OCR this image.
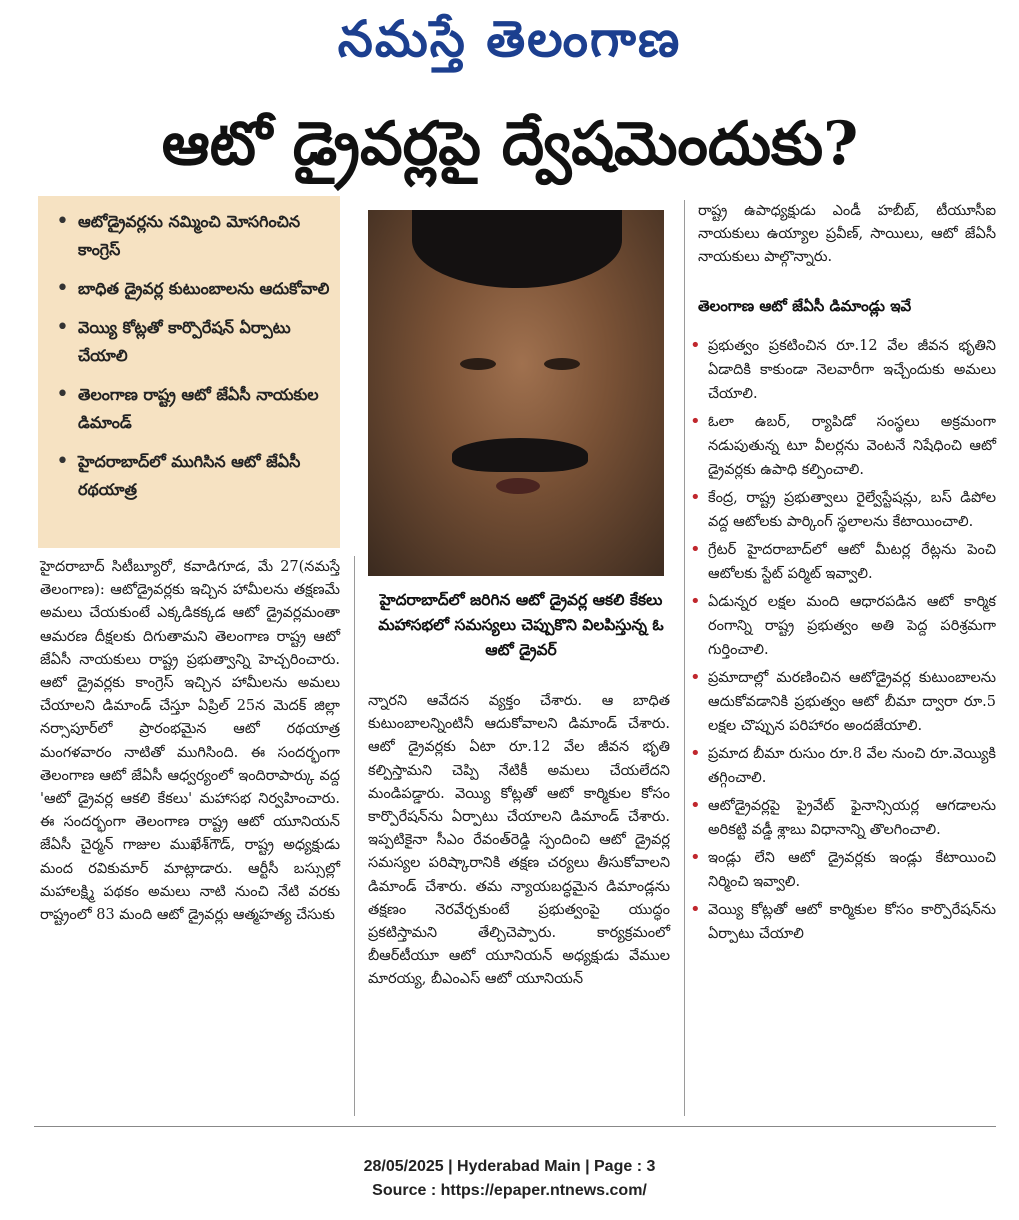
నమస్తే తెలంగాణ
ఆటో డ్రైవర్లపై ద్వేషమెందుకు?
• ఆటోడ్రైవర్లను నమ్మించి మోసగించిన కాంగ్రెస్
• బాధిత డ్రైవర్ల కుటుంబాలను ఆదుకోవాలి
• వెయ్యి కోట్లతో కార్పొరేషన్ ఏర్పాటు చేయాలి
• తెలంగాణ రాష్ట్ర ఆటో జేఏసీ నాయకుల డిమాండ్
• హైదరాబాద్‌లో ముగిసిన ఆటో జేఏసీ రథయాత్ర
హైదరాబాద్ సిటీబ్యూరో, కవాడిగూడ, మే 27(నమస్తే తెలంగాణ): ఆటోడ్రైవర్లకు ఇచ్చిన హామీలను తక్షణమే అమలు చేయకుంటే ఎక్కడికక్కడ ఆటో డ్రైవర్లమంతా ఆమరణ దీక్షలకు దిగుతామని తెలంగాణ రాష్ట్ర ఆటో జేఏసీ నాయకులు రాష్ట్ర ప్రభుత్వాన్ని హెచ్చరించారు. ఆటో డ్రైవర్లకు కాంగ్రెస్ ఇచ్చిన హామీలను అమలు చేయాలని డిమాండ్ చేస్తూ ఏప్రిల్ 25న మెదక్ జిల్లా నర్సాపూర్‌లో ప్రారంభమైన ఆటో రథయాత్ర మంగళవారం నాటితో ముగిసింది. ఈ సందర్భంగా తెలంగాణ ఆటో జేఏసీ ఆధ్వర్యంలో ఇందిరాపార్కు వద్ద 'ఆటో డ్రైవర్ల ఆకలి కేకలు' మహాసభ నిర్వహించారు. ఈ సందర్భంగా తెలంగాణ రాష్ట్ర ఆటో యూనియన్ జేఏసీ చైర్మన్ గాజుల ముఖేశ్‌గౌడ్, రాష్ట్ర అధ్యక్షుడు మంద రవికుమార్ మాట్లాడారు. ఆర్టీసీ బస్సుల్లో మహాలక్ష్మి పథకం అమలు నాటి నుంచి నేటి వరకు రాష్ట్రంలో 83 మంది ఆటో డ్రైవర్లు ఆత్మహత్య చేసుకు
హైదరాబాద్‌లో జరిగిన ఆటో డ్రైవర్ల ఆకలి కేకలు మహాసభలో సమస్యలు చెప్పుకొని విలపిస్తున్న ఓ ఆటో డ్రైవర్
న్నారని ఆవేదన వ్యక్తం చేశారు. ఆ బాధిత కుటుంబాలన్నింటినీ ఆదుకోవాలని డిమాండ్ చేశారు. ఆటో డ్రైవర్లకు ఏటా రూ.12 వేల జీవన భృతి కల్పిస్తామని చెప్పి నేటికీ అమలు చేయలేదని మండిపడ్డారు. వెయ్యి కోట్లతో ఆటో కార్మికుల కోసం కార్పొరేషన్‌ను ఏర్పాటు చేయాలని డిమాండ్ చేశారు. ఇప్పటికైనా సీఎం రేవంత్‌రెడ్డి స్పందించి ఆటో డ్రైవర్ల సమస్యల పరిష్కారానికి తక్షణ చర్యలు తీసుకోవాలని డిమాండ్ చేశారు. తమ న్యాయబద్ధమైన డిమాండ్లను తక్షణం నెరవేర్చకుంటే ప్రభుత్వంపై యుద్ధం ప్రకటిస్తామని తేల్చిచెప్పారు. కార్యక్రమంలో బీఆర్‌టీయూ ఆటో యూనియన్ అధ్యక్షుడు వేముల మారయ్య, బీఎంఎస్ ఆటో యూనియన్
రాష్ట్ర ఉపాధ్యక్షుడు ఎండీ హబీబ్, టీయూసీఐ నాయకులు ఉయ్యాల ప్రవీణ్, సాయిలు, ఆటో జేఏసీ నాయకులు పాల్గొన్నారు.
తెలంగాణ ఆటో జేఏసీ డిమాండ్లు ఇవే
• ప్రభుత్వం ప్రకటించిన రూ.12 వేల జీవన భృతిని ఏడాదికి కాకుండా నెలవారీగా ఇచ్చేందుకు అమలు చేయాలి.
• ఓలా ఉబర్, ర్యాపిడో సంస్థలు అక్రమంగా నడుపుతున్న టూ వీలర్లను వెంటనే నిషేధించి ఆటో డ్రైవర్లకు ఉపాధి కల్పించాలి.
• కేంద్ర, రాష్ట్ర ప్రభుత్వాలు రైల్వేస్టేషన్లు, బస్ డిపోల వద్ద ఆటోలకు పార్కింగ్ స్థలాలను కేటాయించాలి.
• గ్రేటర్ హైదరాబాద్‌లో ఆటో మీటర్ల రేట్లను పెంచి ఆటోలకు స్టేట్ పర్మిట్ ఇవ్వాలి.
• ఏడున్నర లక్షల మంది ఆధారపడిన ఆటో కార్మిక రంగాన్ని రాష్ట్ర ప్రభుత్వం అతి పెద్ద పరిశ్రమగా గుర్తించాలి.
• ప్రమాదాల్లో మరణించిన ఆటోడ్రైవర్ల కుటుంబాలను ఆదుకోవడానికి ప్రభుత్వం ఆటో బీమా ద్వారా రూ.5 లక్షల చొప్పున పరిహారం అందజేయాలి.
• ప్రమాద బీమా రుసుం రూ.8 వేల నుంచి రూ.వెయ్యికి తగ్గించాలి.
• ఆటోడ్రైవర్లపై ప్రైవేట్ ఫైనాన్సియర్ల ఆగడాలను అరికట్టి వడ్డీ శ్లాబు విధానాన్ని తొలగించాలి.
• ఇండ్లు లేని ఆటో డ్రైవర్లకు ఇండ్లు కేటాయించి నిర్మించి ఇవ్వాలి.
• వెయ్యి కోట్లతో ఆటో కార్మికుల కోసం కార్పొరేషన్‌ను ఏర్పాటు చేయాలి
28/05/2025 | Hyderabad Main | Page : 3
Source : https://epaper.ntnews.com/
